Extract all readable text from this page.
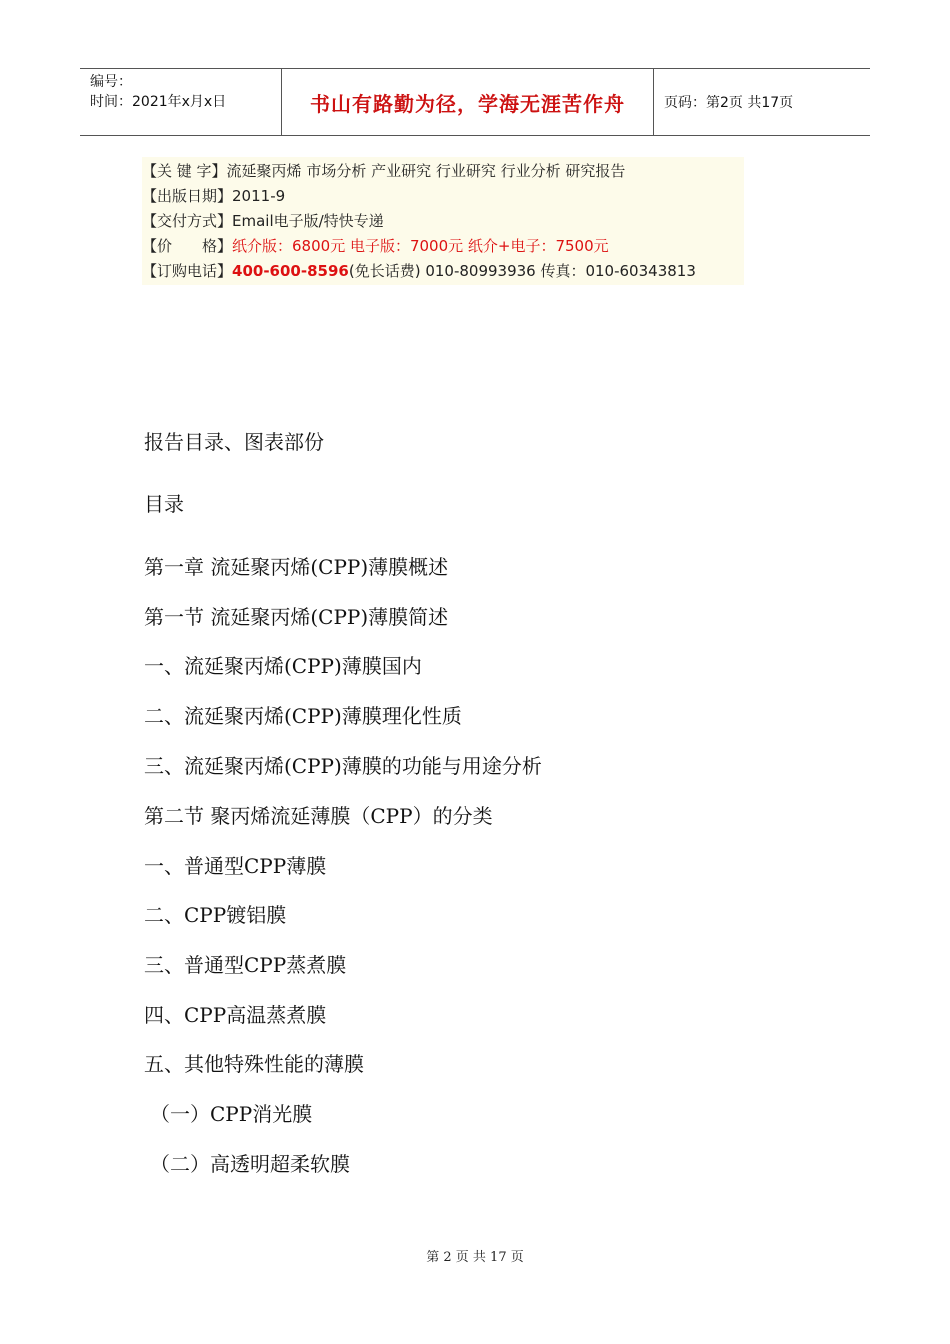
编号：
时间：2021年x月x日	书山有路勤为径，学海无涯苦作舟	页码：第2页 共17页
【关 键 字】流延聚丙烯 市场分析 产业研究 行业研究 行业分析 研究报告
【出版日期】2011-9
【交付方式】Email电子版/特快专递
【价　　格】纸介版：6800元 电子版：7000元 纸介+电子：7500元
【订购电话】400-600-8596(免长话费) 010-80993936 传真：010-60343813
报告目录、图表部份
目录
第一章 流延聚丙烯(CPP)薄膜概述
第一节 流延聚丙烯(CPP)薄膜简述
一、流延聚丙烯(CPP)薄膜国内
二、流延聚丙烯(CPP)薄膜理化性质
三、流延聚丙烯(CPP)薄膜的功能与用途分析
第二节 聚丙烯流延薄膜（CPP）的分类
一、普通型CPP薄膜
二、CPP镀铝膜
三、普通型CPP蒸煮膜
四、CPP高温蒸煮膜
五、其他特殊性能的薄膜
（一）CPP消光膜
（二）高透明超柔软膜
第 2 页 共 17 页
